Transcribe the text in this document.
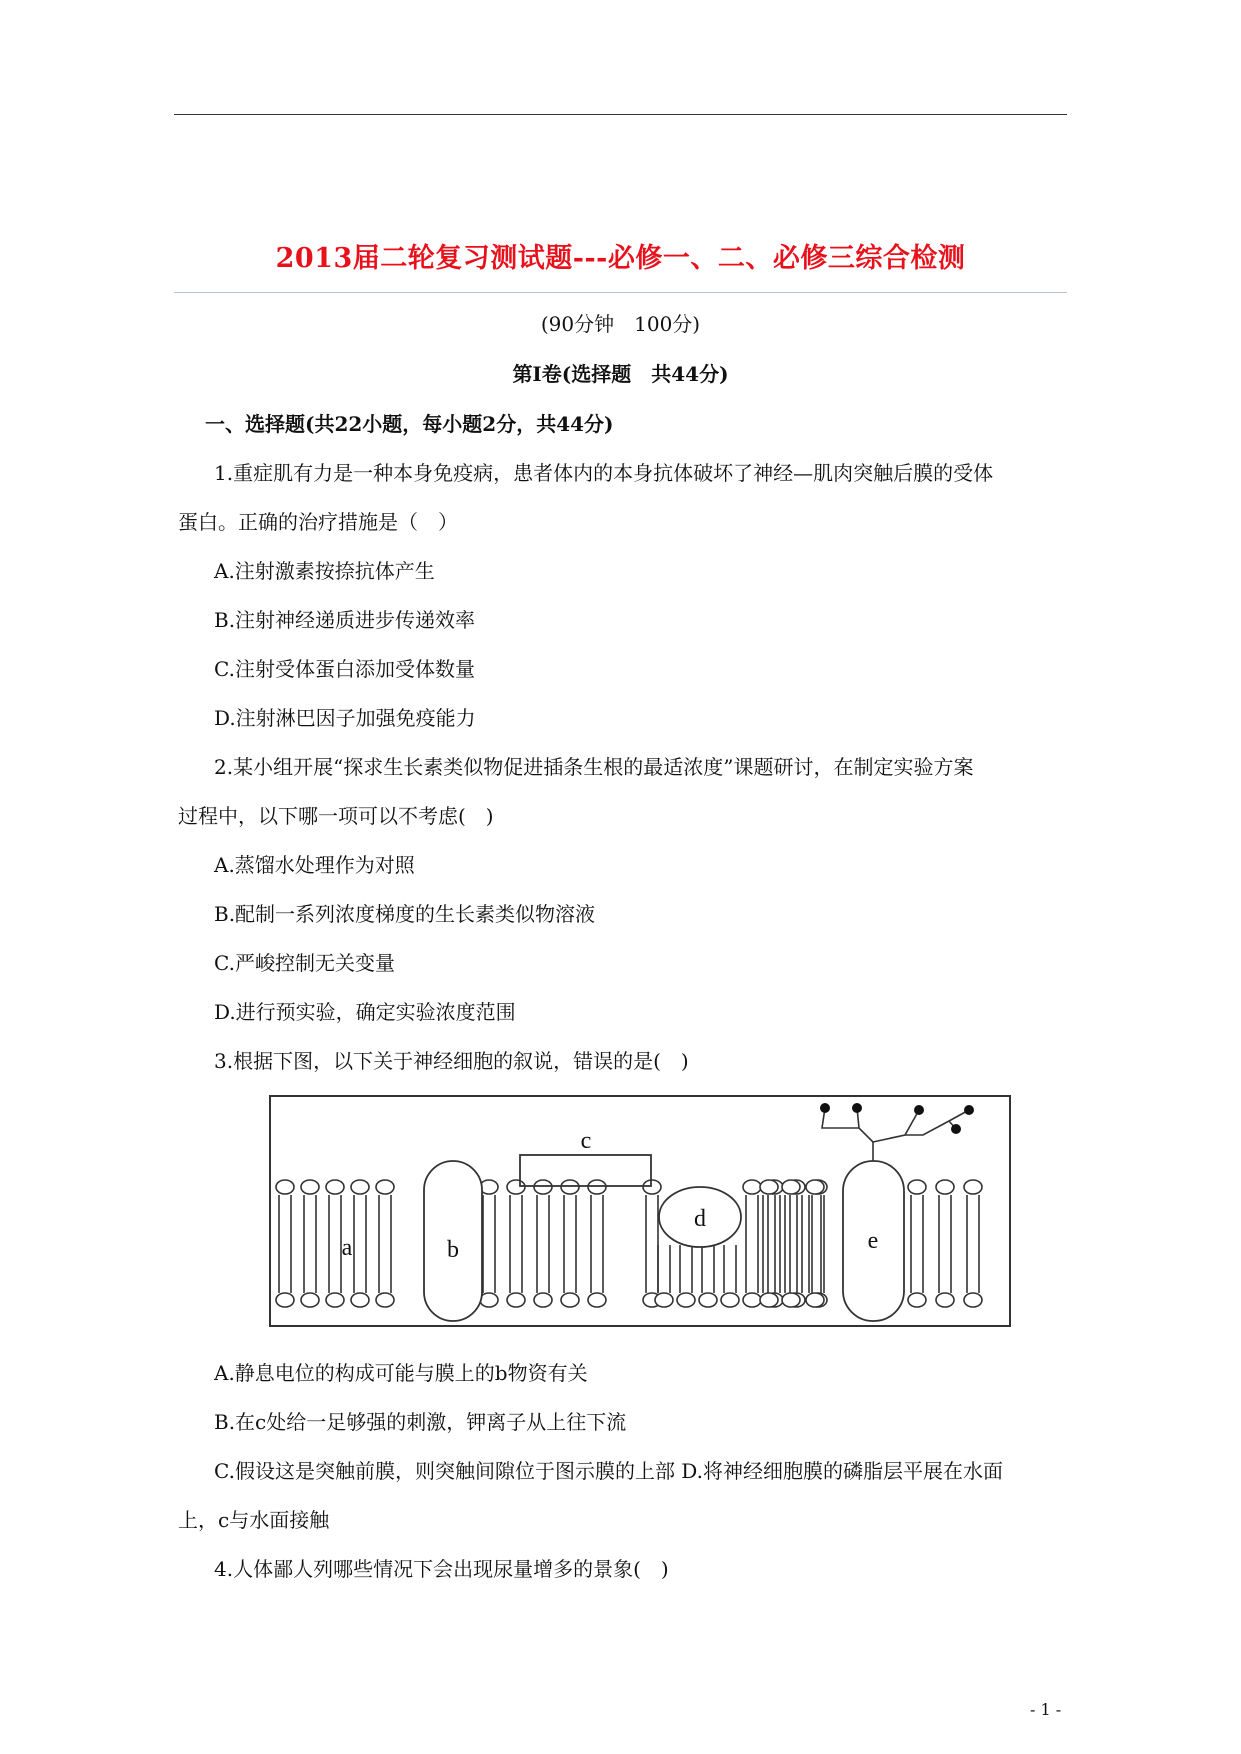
2013届二轮复习测试题---必修一、二、必修三综合检测
(90分钟　100分)
第Ⅰ卷(选择题　共44分)
一、选择题(共22小题，每小题2分，共44分)
1.重症肌有力是一种本身免疫病，患者体内的本身抗体破坏了神经—肌肉突触后膜的受体
蛋白。正确的治疗措施是（　）
A.注射激素按捺抗体产生
B.注射神经递质进步传递效率
C.注射受体蛋白添加受体数量
D.注射淋巴因子加强免疫能力
2.某小组开展“探求生长素类似物促进插条生根的最适浓度”课题研讨，在制定实验方案
过程中，以下哪一项可以不考虑(　)
A.蒸馏水处理作为对照
B.配制一系列浓度梯度的生长素类似物溶液
C.严峻控制无关变量
D.进行预实验，确定实验浓度范围
3.根据下图，以下关于神经细胞的叙说，错误的是(　)
a	b
c
d
e
A.静息电位的构成可能与膜上的b物资有关
B.在c处给一足够强的刺激，钾离子从上往下流
C.假设这是突触前膜，则突触间隙位于图示膜的上部 D.将神经细胞膜的磷脂层平展在水面
上，c与水面接触
4.人体鄙人列哪些情况下会出现尿量增多的景象(　)
- 1 -
